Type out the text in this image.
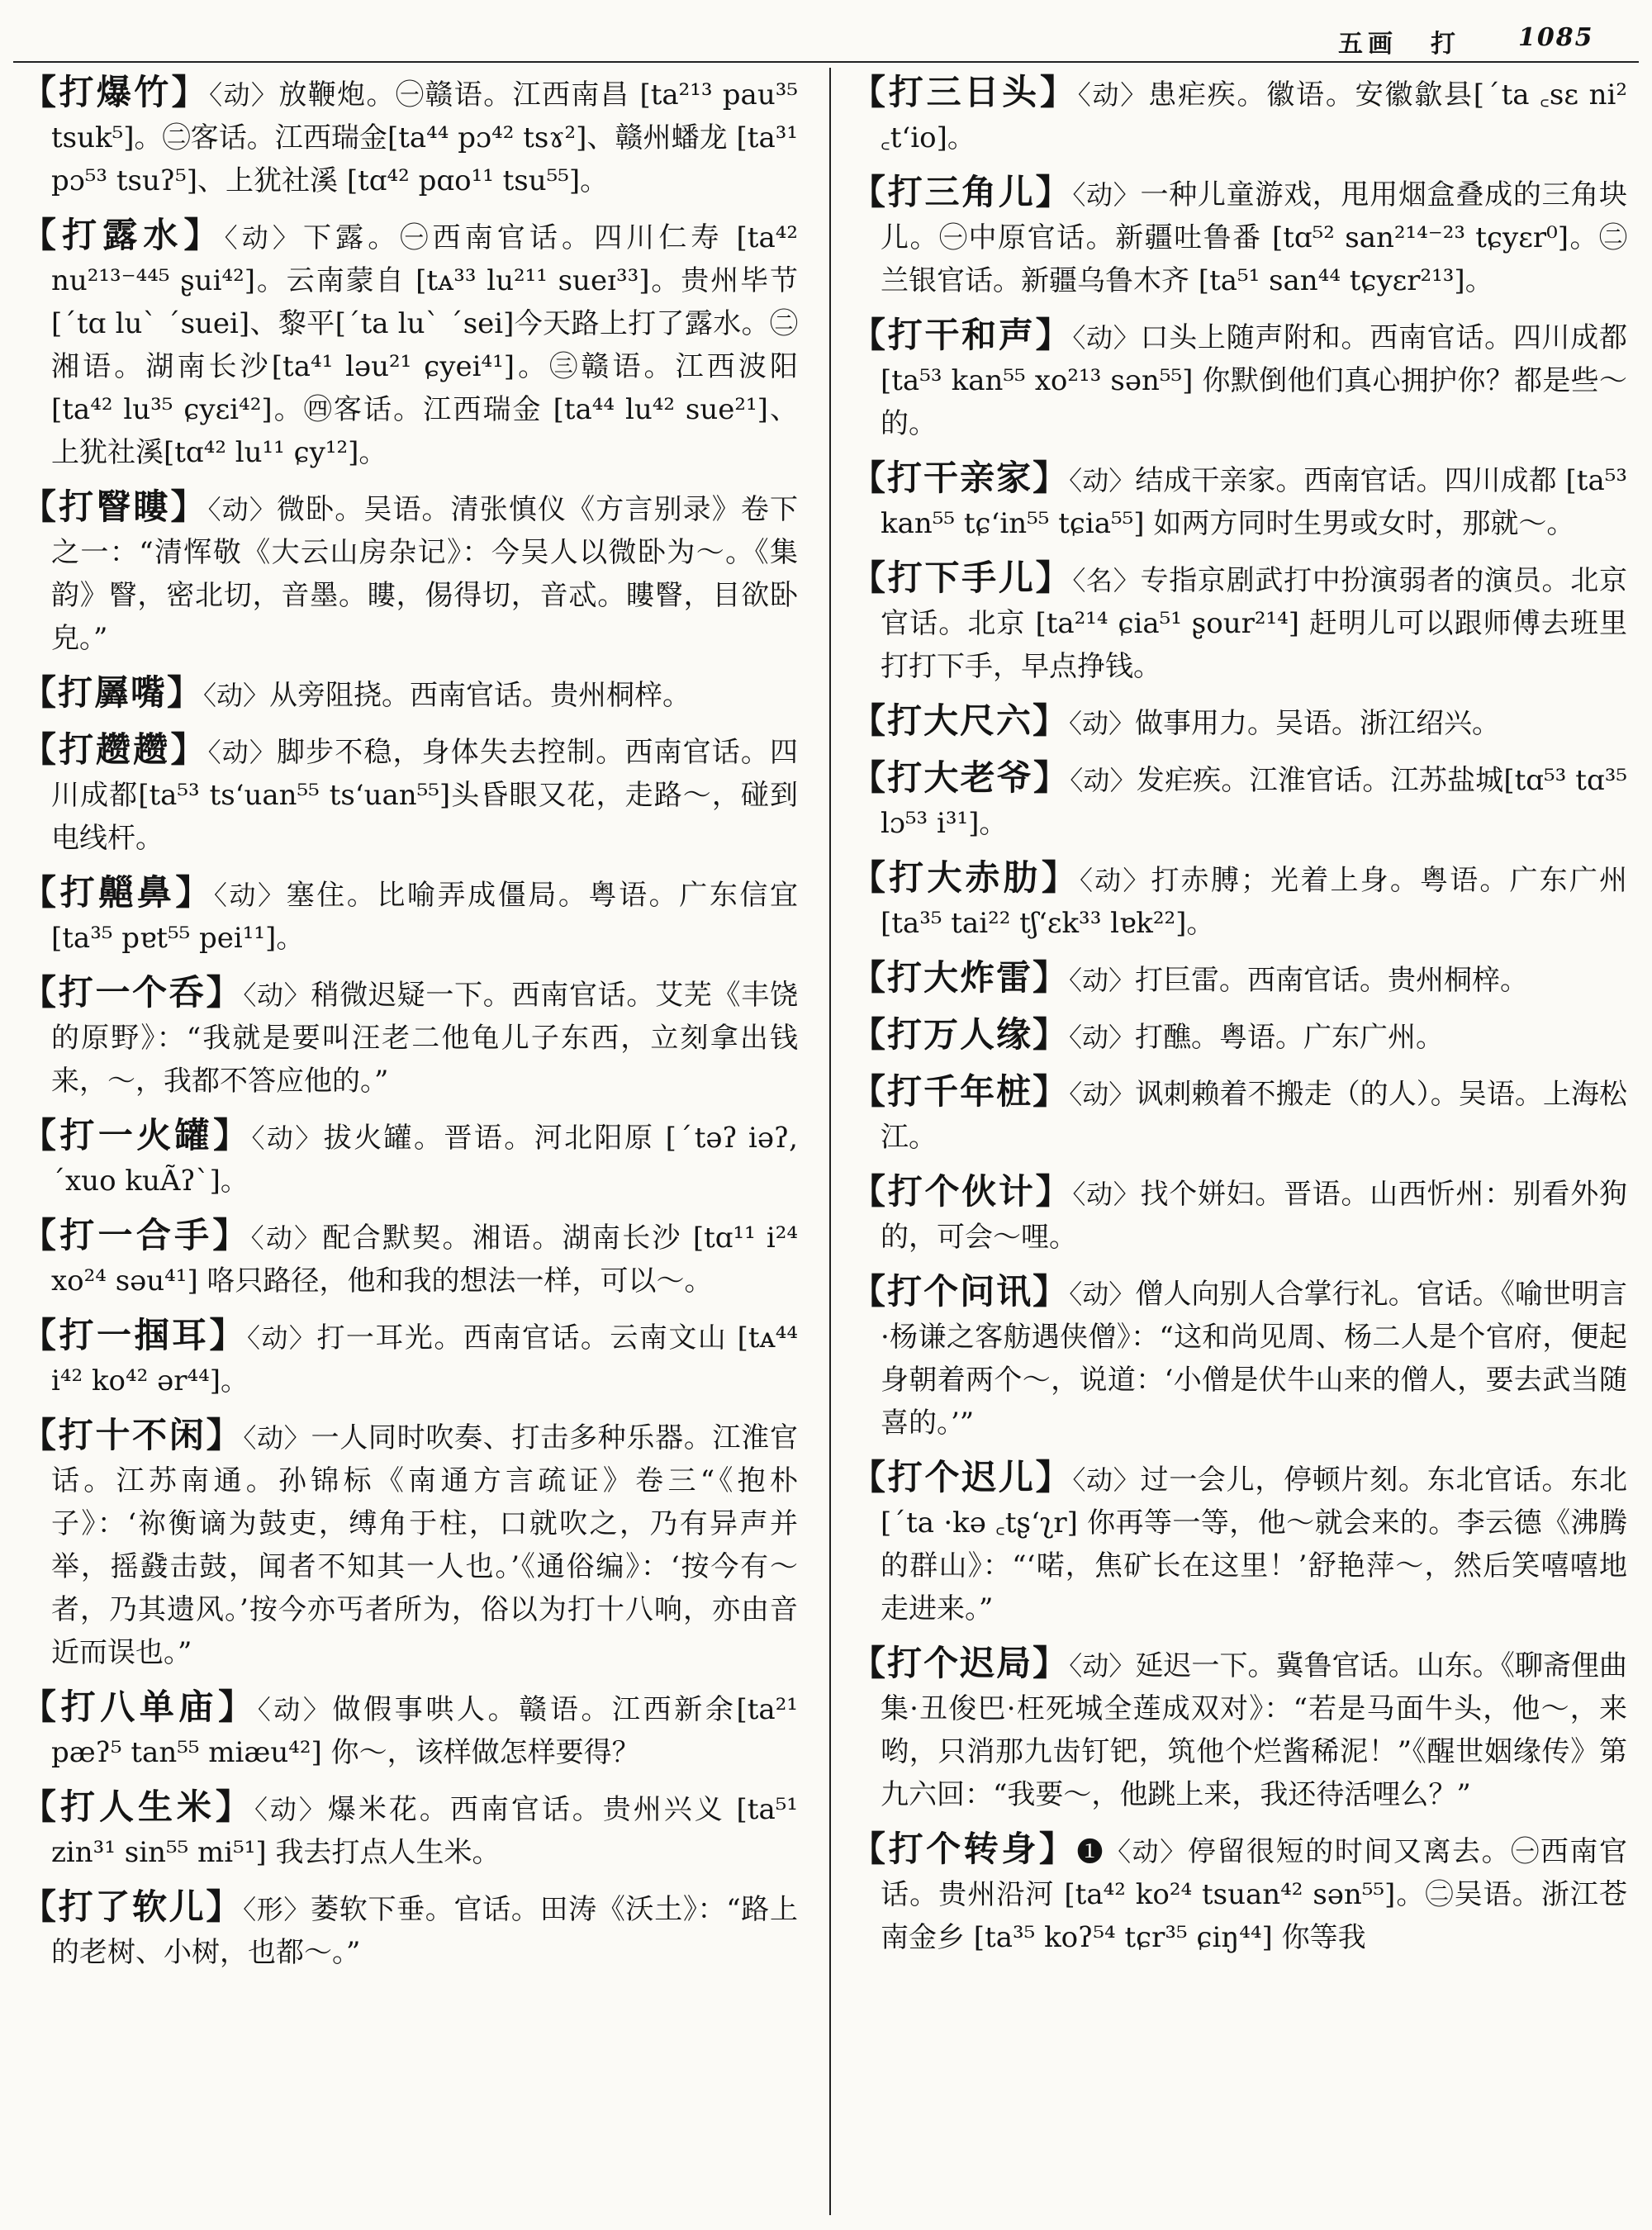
五画 打 1085
【打爆竹】〈动〉放鞭炮。㊀赣语。江西南昌 [ta²¹³ pau³⁵ tsuk⁵]。㊁客话。江西瑞金[ta⁴⁴ pɔ⁴² tsɤ²]、赣州蟠龙 [ta³¹ pɔ⁵³ tsuʔ⁵]、上犹社溪 [tɑ⁴² pɑo¹¹ tsu⁵⁵]。
【打露水】〈动〉下露。㊀西南官话。四川仁寿 [ta⁴² nu²¹³⁻⁴⁴⁵ ʂui⁴²]。云南蒙自 [tᴀ³³ lu²¹¹ sueɪ³³]。贵州毕节[ˊtɑ luˋ ˊsuei]、黎平[ˊta luˋ ˊsei]今天路上打了露水。㊁湘语。湖南长沙[ta⁴¹ ləu²¹ ɕyei⁴¹]。㊂赣语。江西波阳 [ta⁴² lu³⁵ ɕyɛi⁴²]。㊃客话。江西瑞金 [ta⁴⁴ lu⁴² sue²¹]、上犹社溪[tɑ⁴² lu¹¹ ɕy¹²]。
【打瞖瞜】〈动〉微卧。吴语。清张慎仪《方言别录》卷下之一：“清恽敬《大云山房杂记》：今吴人以微卧为～。《集韵》瞖，密北切，音墨。瞜，㑥得切，音忒。瞜瞖，目欲卧皃。”
【打羼嘴】〈动〉从旁阻挠。西南官话。贵州桐梓。
【打趱趱】〈动〉脚步不稳，身体失去控制。西南官话。四川成都[ta⁵³ tsʻuan⁵⁵ tsʻuan⁵⁵]头昏眼又花，走路～，碰到电线杆。
【打齆鼻】〈动〉塞住。比喻弄成僵局。粤语。广东信宜 [ta³⁵ pɐt⁵⁵ pei¹¹]。
【打一个呑】〈动〉稍微迟疑一下。西南官话。艾芜《丰饶的原野》：“我就是要叫汪老二他龟儿子东西，立刻拿出钱来，～，我都不答应他的。”
【打一火罐】〈动〉拔火罐。晋语。河北阳原 [ˊtəʔ iəʔ, ˊxuo kuÃʔˋ]。
【打一合手】〈动〉配合默契。湘语。湖南长沙 [tɑ¹¹ i²⁴ xo²⁴ səu⁴¹] 咯只路径，他和我的想法一样，可以～。
【打一掴耳】〈动〉打一耳光。西南官话。云南文山 [tᴀ⁴⁴ i⁴² ko⁴² ər⁴⁴]。
【打十不闲】〈动〉一人同时吹奏、打击多种乐器。江淮官话。江苏南通。孙锦标《南通方言疏证》卷三“《抱朴子》：‘祢衡谪为鼓吏，缚角于柱，口就吹之，乃有异声并举，摇鼗击鼓，闻者不知其一人也。’《通俗编》：‘按今有～者，乃其遗风。’按今亦丐者所为，俗以为打十八响，亦由音近而误也。”
【打八单庙】〈动〉做假事哄人。赣语。江西新余[ta²¹ pæʔ⁵ tan⁵⁵ miæu⁴²] 你～，该样做怎样要得？
【打人生米】〈动〉爆米花。西南官话。贵州兴义 [ta⁵¹ zin³¹ sin⁵⁵ mi⁵¹] 我去打点人生米。
【打了软儿】〈形〉萎软下垂。官话。田涛《沃土》：“路上的老树、小树，也都～。”
【打三日头】〈动〉患疟疾。徽语。安徽歙县[ˊta ꜀sɛ ni² ꜀tʻio]。
【打三角儿】〈动〉一种儿童游戏，甩用烟盒叠成的三角块儿。㊀中原官话。新疆吐鲁番 [tɑ⁵² san²¹⁴⁻²³ tɕyɛr⁰]。㊁兰银官话。新疆乌鲁木齐 [ta⁵¹ san⁴⁴ tɕyɛr²¹³]。
【打干和声】〈动〉口头上随声附和。西南官话。四川成都 [ta⁵³ kan⁵⁵ xo²¹³ sən⁵⁵] 你默倒他们真心拥护你？都是些～的。
【打干亲家】〈动〉结成干亲家。西南官话。四川成都 [ta⁵³ kan⁵⁵ tɕʻin⁵⁵ tɕia⁵⁵] 如两方同时生男或女时，那就～。
【打下手儿】〈名〉专指京剧武打中扮演弱者的演员。北京官话。北京 [ta²¹⁴ ɕia⁵¹ ʂour²¹⁴] 赶明儿可以跟师傅去班里打打下手，早点挣钱。
【打大尺六】〈动〉做事用力。吴语。浙江绍兴。
【打大老爷】〈动〉发疟疾。江淮官话。江苏盐城[tɑ⁵³ tɑ³⁵ lɔ⁵³ i³¹]。
【打大赤肋】〈动〉打赤膊；光着上身。粤语。广东广州 [ta³⁵ tai²² tʃʻɛk³³ lɐk²²]。
【打大炸雷】〈动〉打巨雷。西南官话。贵州桐梓。
【打万人缘】〈动〉打醮。粤语。广东广州。
【打千年桩】〈动〉讽刺赖着不搬走（的人）。吴语。上海松江。
【打个伙计】〈动〉找个姘妇。晋语。山西忻州：别看外狗的，可会～哩。
【打个问讯】〈动〉僧人向别人合掌行礼。官话。《喻世明言·杨谦之客舫遇侠僧》：“这和尚见周、杨二人是个官府，便起身朝着两个～，说道：‘小僧是伏牛山来的僧人，要去武当随喜的。’”
【打个迟儿】〈动〉过一会儿，停顿片刻。东北官话。东北[ˊta ·kə ꜀tʂʻʅr] 你再等一等，他～就会来的。李云德《沸腾的群山》：“‘喏，焦矿长在这里！’舒艳萍～，然后笑嘻嘻地走进来。”
【打个迟局】〈动〉延迟一下。冀鲁官话。山东。《聊斋俚曲集·丑俊巴·枉死城全莲成双对》：“若是马面牛头，他～，来哟，只消那九齿钉钯，筑他个烂酱稀泥！”《醒世姻缘传》第九六回：“我要～，他跳上来，我还待活哩么？”
【打个转身】❶〈动〉停留很短的时间又离去。㊀西南官话。贵州沿河 [ta⁴² ko²⁴ tsuan⁴² sən⁵⁵]。㊁吴语。浙江苍南金乡 [ta³⁵ koʔ⁵⁴ tɕr³⁵ ɕiŋ⁴⁴] 你等我
